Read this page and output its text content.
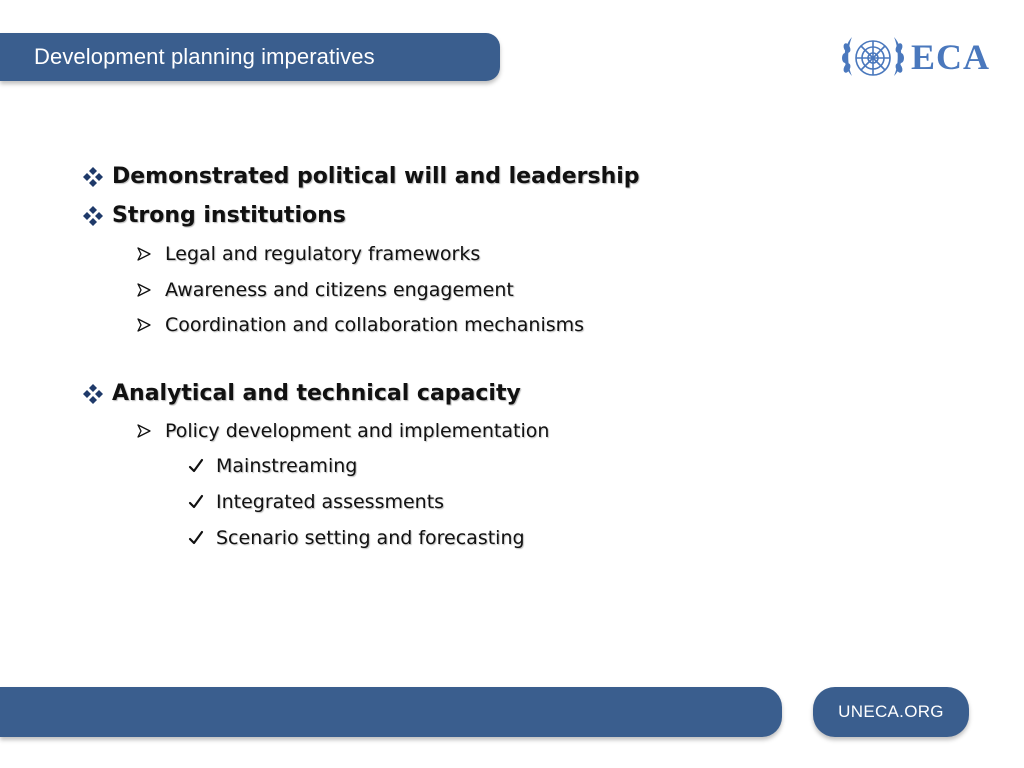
Development planning imperatives	ECA
Demonstrated political will and leadership
Strong institutions
Legal and regulatory frameworks
Awareness and citizens engagement
Coordination and collaboration mechanisms
Analytical and technical capacity
Policy development and implementation
Mainstreaming
Integrated assessments
Scenario setting and forecasting
UNECA.ORG
